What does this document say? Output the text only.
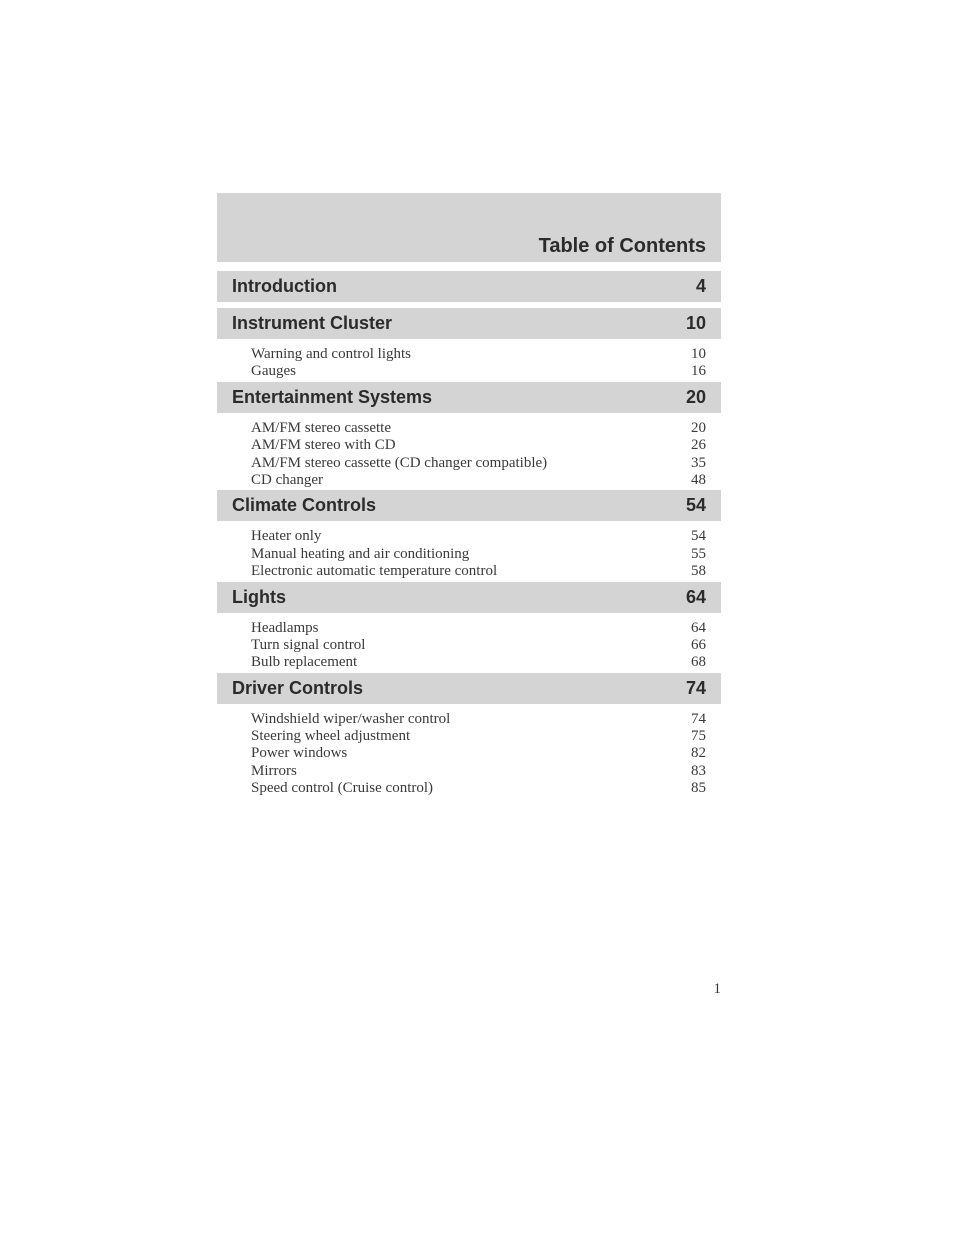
Table of Contents
Introduction	4
Instrument Cluster	10
Warning and control lights	10
Gauges	16
Entertainment Systems	20
AM/FM stereo cassette	20
AM/FM stereo with CD	26
AM/FM stereo cassette (CD changer compatible)	35
CD changer	48
Climate Controls	54
Heater only	54
Manual heating and air conditioning	55
Electronic automatic temperature control	58
Lights	64
Headlamps	64
Turn signal control	66
Bulb replacement	68
Driver Controls	74
Windshield wiper/washer control	74
Steering wheel adjustment	75
Power windows	82
Mirrors	83
Speed control (Cruise control)	85
1
